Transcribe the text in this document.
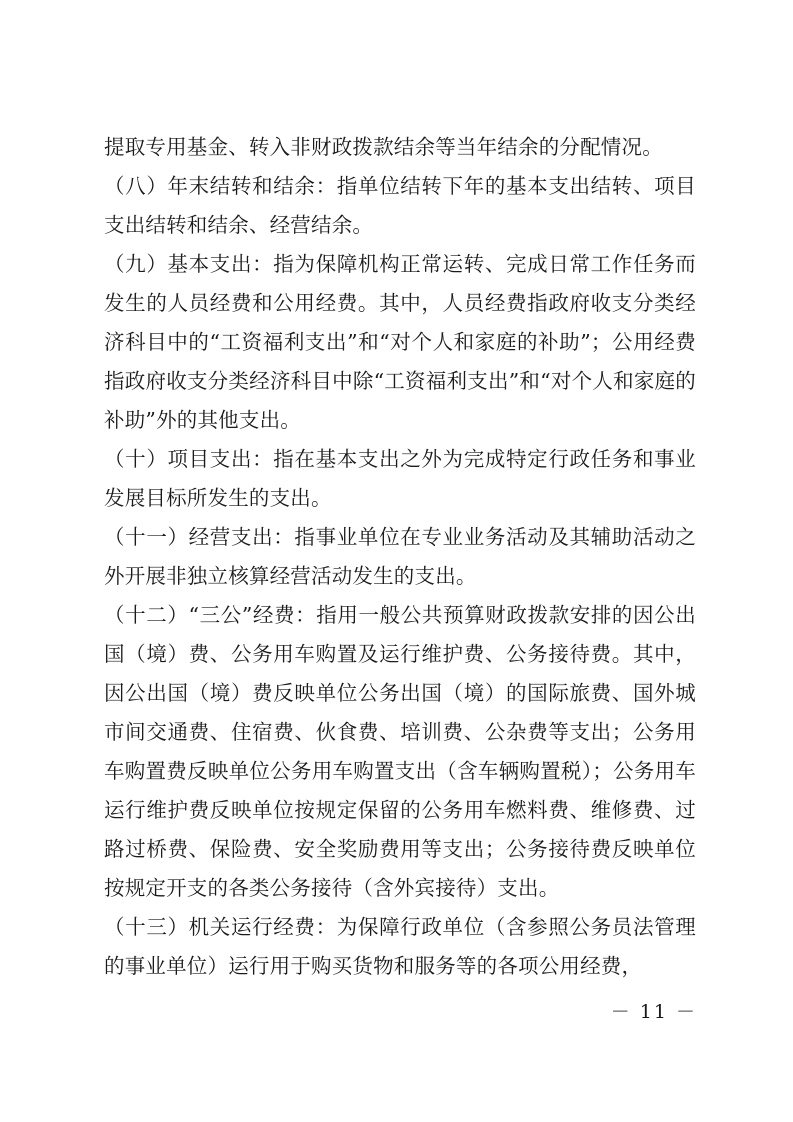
提取专用基金、转入非财政拨款结余等当年结余的分配情况。

（八）年末结转和结余：指单位结转下年的基本支出结转、项目支出结转和结余、经营结余。

（九）基本支出：指为保障机构正常运转、完成日常工作任务而发生的人员经费和公用经费。其中，人员经费指政府收支分类经济科目中的“工资福利支出”和“对个人和家庭的补助”；公用经费指政府收支分类经济科目中除“工资福利支出”和“对个人和家庭的补助”外的其他支出。

（十）项目支出：指在基本支出之外为完成特定行政任务和事业发展目标所发生的支出。

（十一）经营支出：指事业单位在专业业务活动及其辅助活动之外开展非独立核算经营活动发生的支出。

（十二）“三公”经费：指用一般公共预算财政拨款安排的因公出国（境）费、公务用车购置及运行维护费、公务接待费。其中，因公出国（境）费反映单位公务出国（境）的国际旅费、国外城市间交通费、住宿费、伙食费、培训费、公杂费等支出；公务用车购置费反映单位公务用车购置支出（含车辆购置税）；公务用车运行维护费反映单位按规定保留的公务用车燃料费、维修费、过路过桥费、保险费、安全奖励费用等支出；公务接待费反映单位按规定开支的各类公务接待（含外宾接待）支出。

（十三）机关运行经费：为保障行政单位（含参照公务员法管理的事业单位）运行用于购买货物和服务等的各项公用经费，

－ 11 －
